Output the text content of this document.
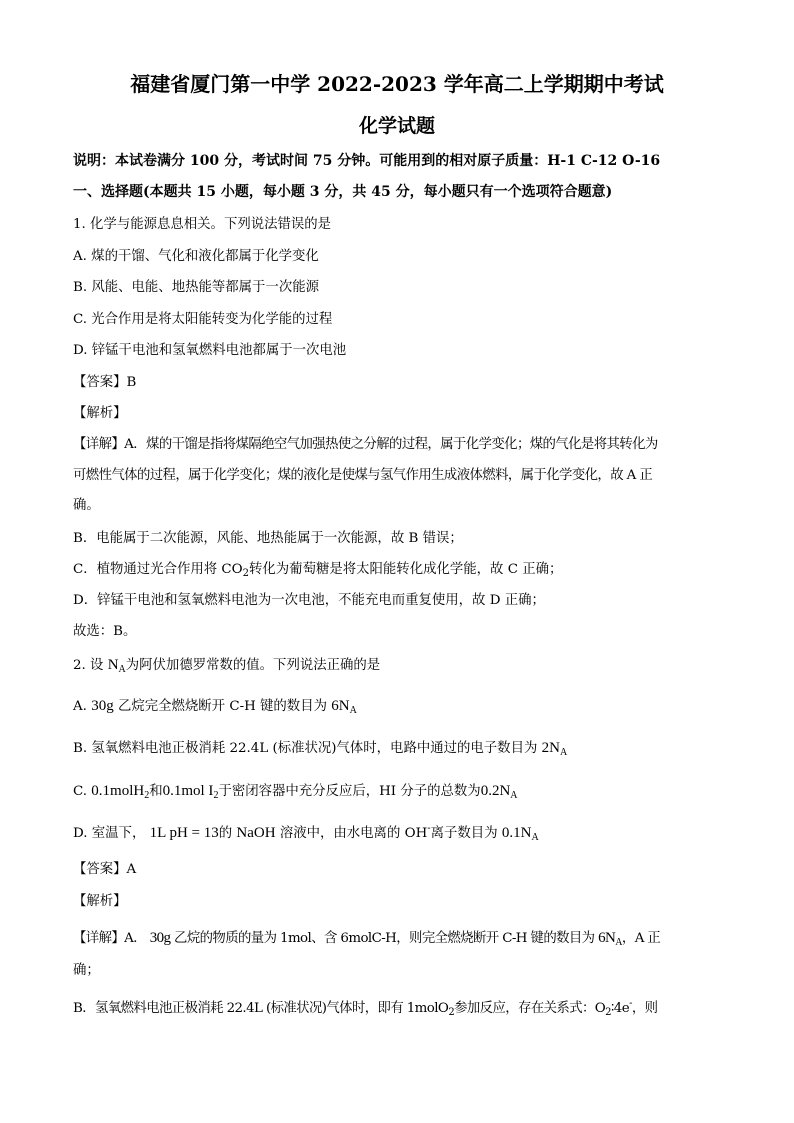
福建省厦门第一中学 2022-2023 学年高二上学期期中考试
化学试题
说明：本试卷满分 100 分，考试时间 75 分钟。可能用到的相对原子质量：H-1 C-12 O-16
一、选择题(本题共 15 小题，每小题 3 分，共 45 分，每小题只有一个选项符合题意)
1. 化学与能源息息相关。下列说法错误的是
A. 煤的干馏、气化和液化都属于化学变化
B. 风能、电能、地热能等都属于一次能源
C. 光合作用是将太阳能转变为化学能的过程
D. 锌锰干电池和氢氧燃料电池都属于一次电池
【答案】B
【解析】
【详解】A．煤的干馏是指将煤隔绝空气加强热使之分解的过程，属于化学变化；煤的气化是将其转化为
可燃性气体的过程，属于化学变化；煤的液化是使煤与氢气作用生成液体燃料，属于化学变化，故 A 正
确。
B．电能属于二次能源，风能、地热能属于一次能源，故 B 错误；
C．植物通过光合作用将 $CO_2$转化为葡萄糖是将太阳能转化成化学能，故 C 正确；
D．锌锰干电池和氢氧燃料电池为一次电池，不能充电而重复使用，故 D 正确；
故选：B。
2. 设 $N_A$为阿伏加德罗常数的值。下列说法正确的是
A. 30g 乙烷完全燃烧断开 C-H 键的数目为 $6N_A$
B. 氢氧燃料电池正极消耗 22.4L (标准状况)气体时，电路中通过的电子数目为 $2N_A$
C. 0.1molH$_2$和0.1mol $I_2$于密闭容器中充分反应后，HI 分子的总数为$0.2N_A$
D. 室温下， 1L pH = 13的 NaOH 溶液中，由水电离的 OH-离子数目为 $0.1N_A$
【答案】A
【解析】
【详解】A． 30g 乙烷的物质的量为 1mol、含 6molC-H，则完全燃烧断开 C-H 键的数目为 $6N_A$，A 正
确；
B．氢氧燃料电池正极消耗 22.4L (标准状况)气体时，即有 1molO$_2$参加反应，存在关系式：$O_2∶4e^-$，则
